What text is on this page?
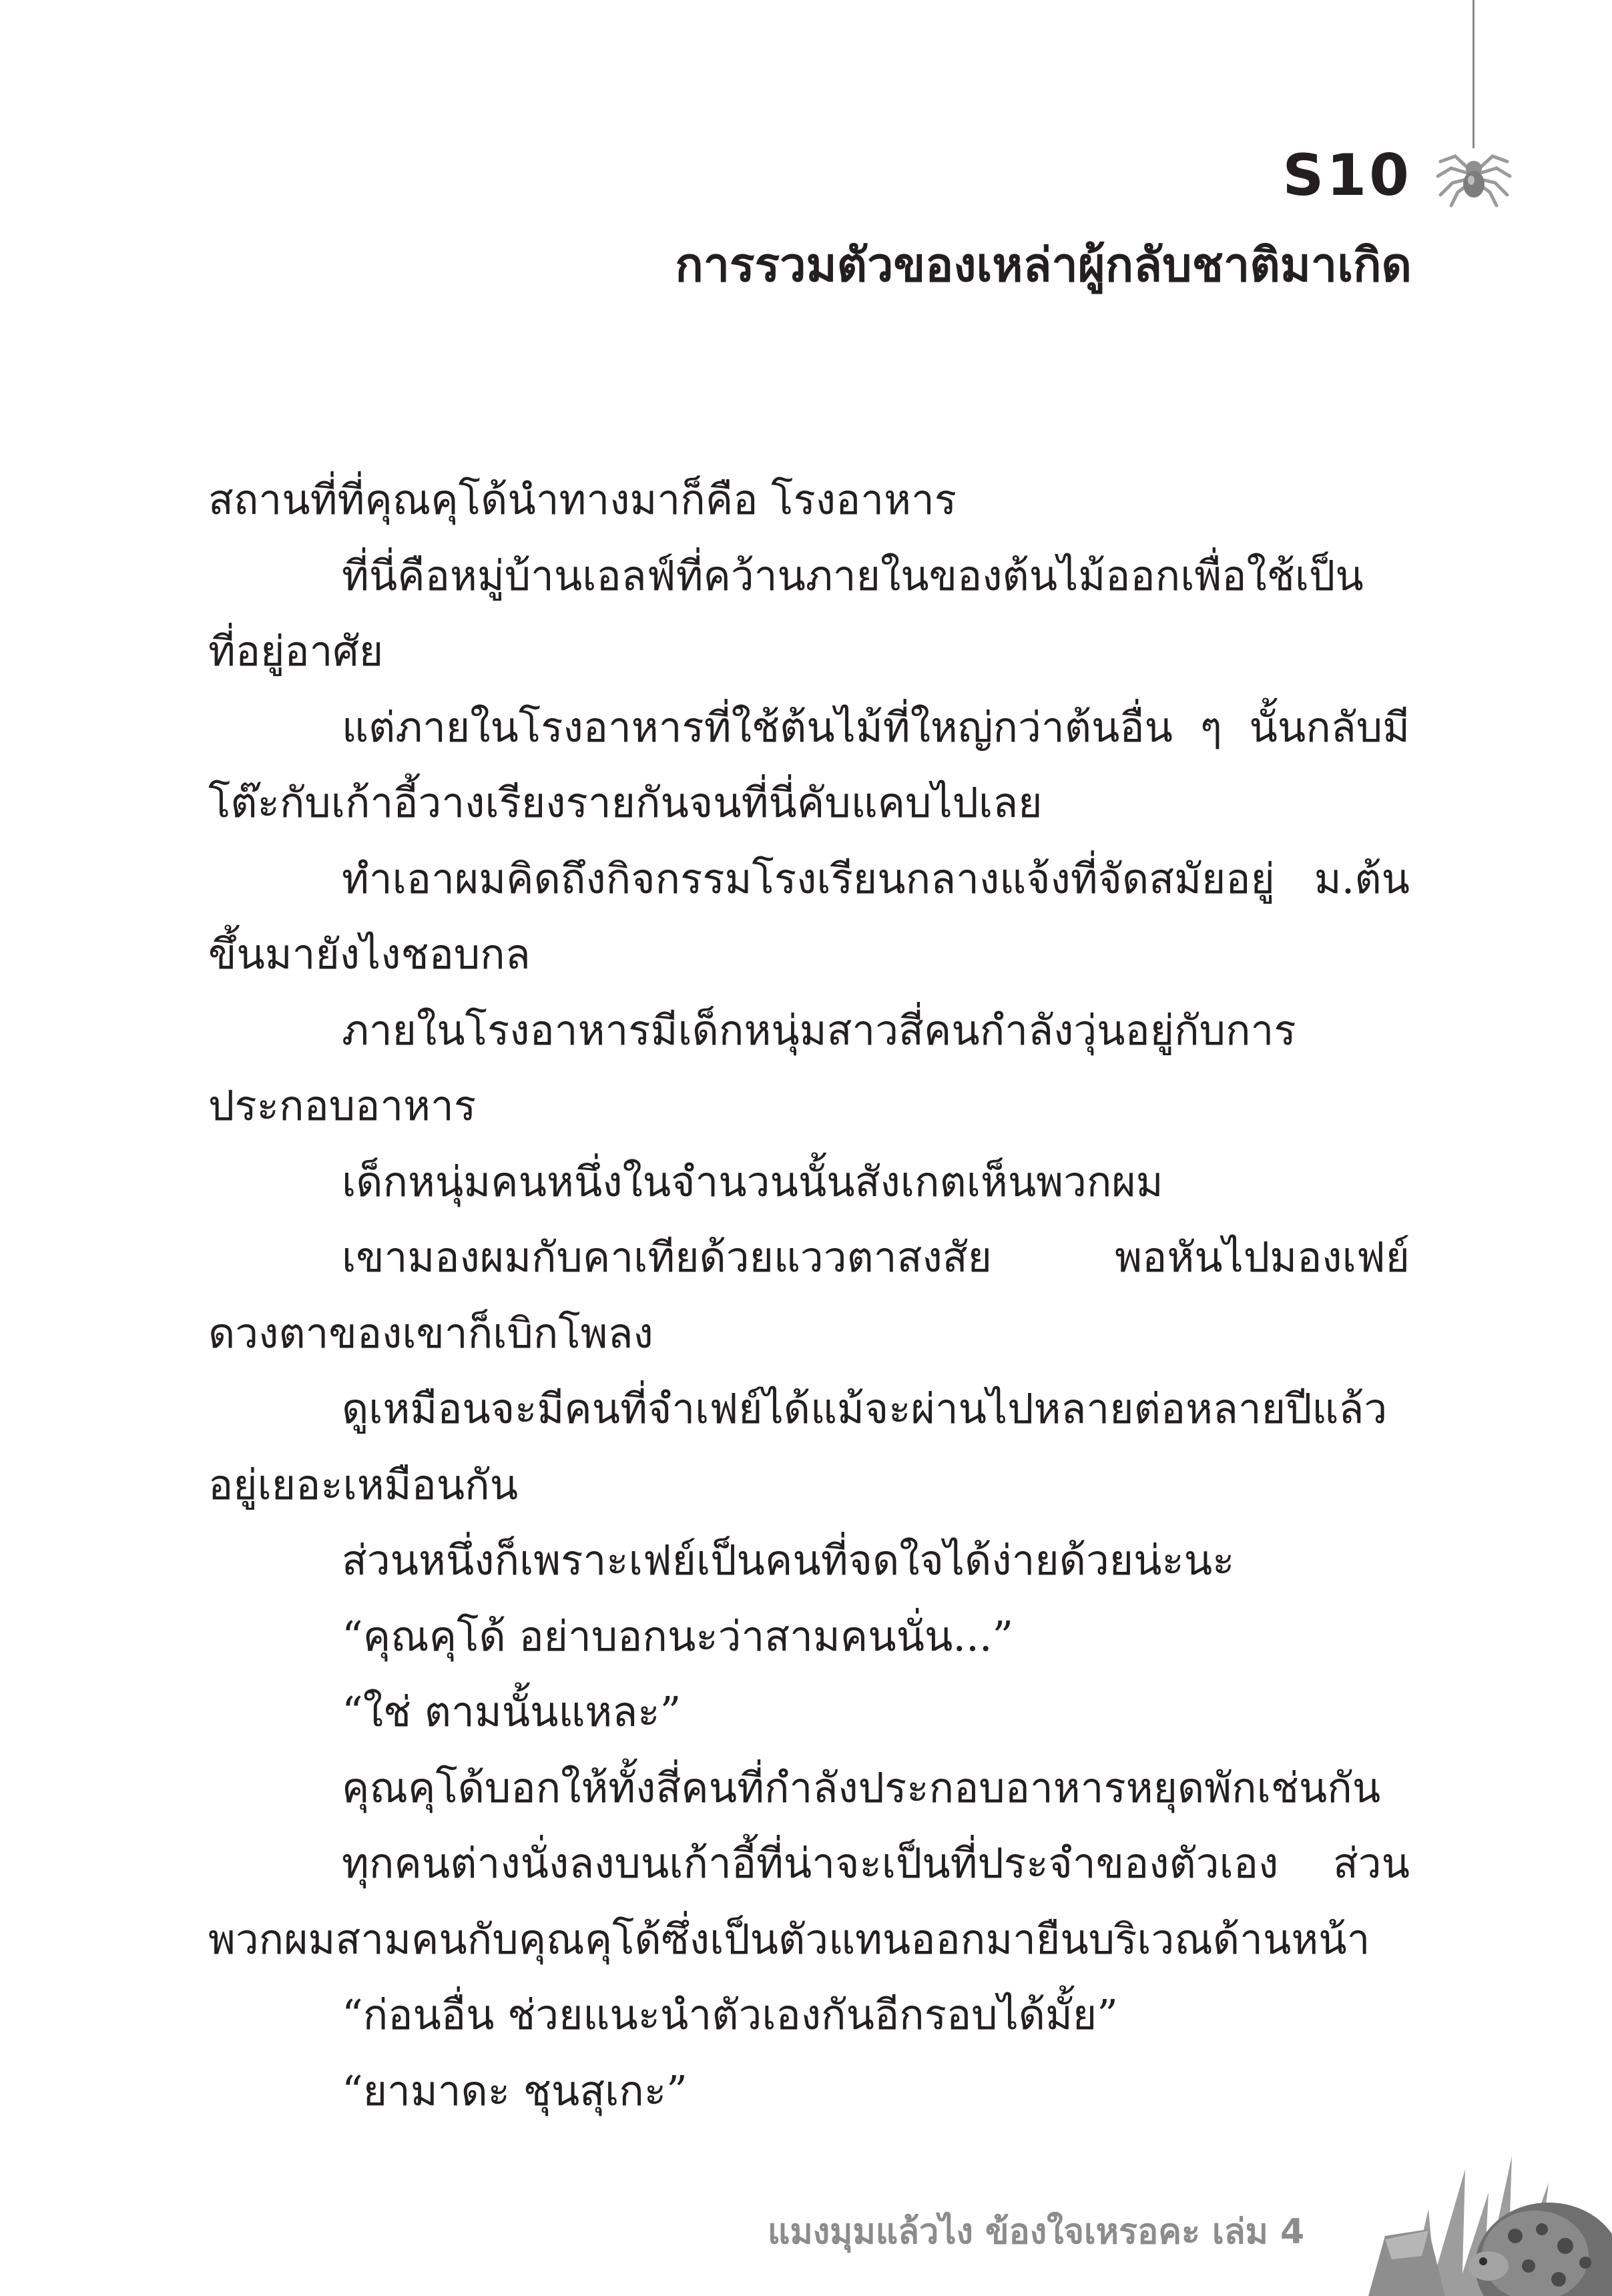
S10
การรวมตัวของเหล่าผู้กลับชาติมาเกิด
สถานที่ที่คุณคุโด้นำทางมาก็คือ โรงอาหาร
ที่นี่คือหมู่บ้านเอลฟ์ที่คว้านภายในของต้นไม้ออกเพื่อใช้เป็น
ที่อยู่อาศัย
แต่ภายในโรงอาหารที่ใช้ต้นไม้ที่ใหญ่กว่าต้นอื่น ๆ นั้นกลับมี
โต๊ะกับเก้าอี้วางเรียงรายกันจนที่นี่คับแคบไปเลย
ทำเอาผมคิดถึงกิจกรรมโรงเรียนกลางแจ้งที่จัดสมัยอยู่ ม.ต้น
ขึ้นมายังไงชอบกล
ภายในโรงอาหารมีเด็กหนุ่มสาวสี่คนกำลังวุ่นอยู่กับการ
ประกอบอาหาร
เด็กหนุ่มคนหนึ่งในจำนวนนั้นสังเกตเห็นพวกผม
เขามองผมกับคาเทียด้วยแววตาสงสัย พอหันไปมองเฟย์
ดวงตาของเขาก็เบิกโพลง
ดูเหมือนจะมีคนที่จำเฟย์ได้แม้จะผ่านไปหลายต่อหลายปีแล้ว
อยู่เยอะเหมือนกัน
ส่วนหนึ่งก็เพราะเฟย์เป็นคนที่จดใจได้ง่ายด้วยน่ะนะ
“คุณคุโด้ อย่าบอกนะว่าสามคนนั่น...”
“ใช่ ตามนั้นแหละ”
คุณคุโด้บอกให้ทั้งสี่คนที่กำลังประกอบอาหารหยุดพักเช่นกัน
ทุกคนต่างนั่งลงบนเก้าอี้ที่น่าจะเป็นที่ประจำของตัวเอง ส่วน
พวกผมสามคนกับคุณคุโด้ซึ่งเป็นตัวแทนออกมายืนบริเวณด้านหน้า
“ก่อนอื่น ช่วยแนะนำตัวเองกันอีกรอบได้มั้ย”
“ยามาดะ ชุนสุเกะ”
แมงมุมแล้วไง ข้องใจเหรอคะ เล่ม 4
